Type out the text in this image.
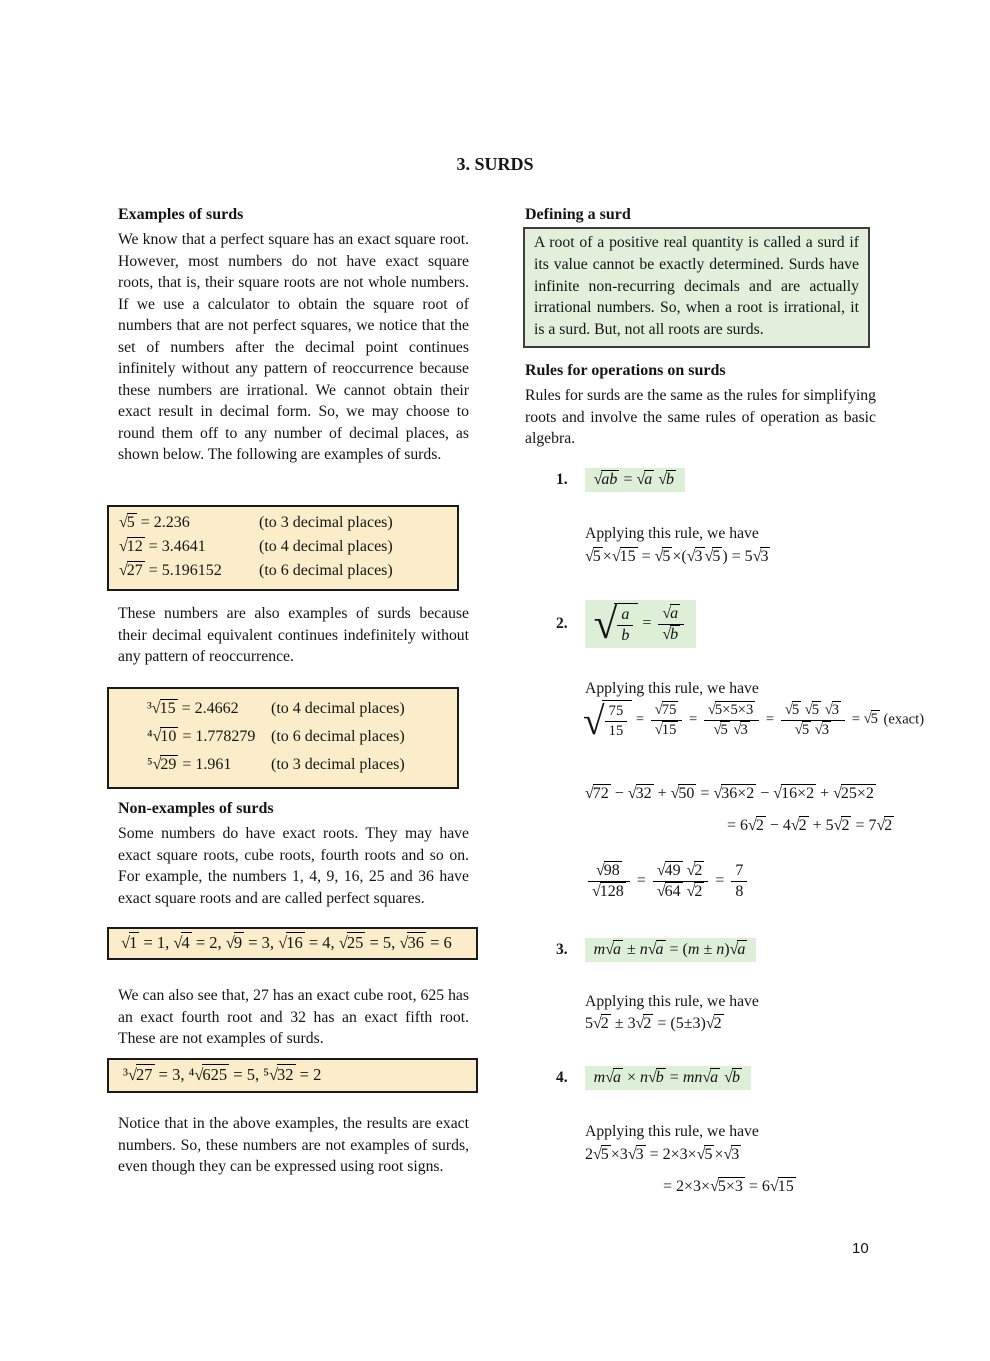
3. SURDS
Examples of surds
We know that a perfect square has an exact square root. However, most numbers do not have exact square roots, that is, their square roots are not whole numbers. If we use a calculator to obtain the square root of numbers that are not perfect squares, we notice that the set of numbers after the decimal point continues infinitely without any pattern of reoccurrence because these numbers are irrational. We cannot obtain their exact result in decimal form. So, we may choose to round them off to any number of decimal places, as shown below. The following are examples of surds.
√5 = 2.236	(to 3 decimal places)
√12 = 3.4641	(to 4 decimal places)
√27 = 5.196152	(to 6 decimal places)
These numbers are also examples of surds because their decimal equivalent continues indefinitely without any pattern of reoccurrence.
³√15 = 2.4662	(to 4 decimal places)
⁴√10 = 1.778279 (to 6 decimal places)
⁵√29 = 1.961	(to 3 decimal places)
Non-examples of surds
Some numbers do have exact roots. They may have exact square roots, cube roots, fourth roots and so on. For example, the numbers 1, 4, 9, 16, 25 and 36 have exact square roots and are called perfect squares.
√1 = 1, √4 = 2, √9 = 3, √16 = 4, √25 = 5, √36 = 6
We can also see that, 27 has an exact cube root, 625 has an exact fourth root and 32 has an exact fifth root. These are not examples of surds.
³√27 = 3, ⁴√625 = 5, ⁵√32 = 2
Notice that in the above examples, the results are exact numbers. So, these numbers are not examples of surds, even though they can be expressed using root signs.
Defining a surd
A root of a positive real quantity is called a surd if its value cannot be exactly determined. Surds have infinite non-recurring decimals and are actually irrational numbers. So, when a root is irrational, it is a surd. But, not all roots are surds.
Rules for operations on surds
Rules for surds are the same as the rules for simplifying roots and involve the same rules of operation as basic algebra.
1.	√ab = √a √b
Applying this rule, we have
√5 ×√15 = √5 ×(√3 √5 ) = 5√3
2. √ $\frac{a}{b} = \frac{√a}{√b}$
Applying this rule, we have
√ $\frac{75}{15} = \frac{√75}{√15} = \frac{√5\times 5\times 3}{√5 √3} = \frac{√5 √5 √3}{√5 √3} = √5$ (exact)
√72 − √32 + √50 = √36×2 − √16×2 + √25×2
= 6√2 − 4√2 + 5√2 = 7√2
$\frac{√98}{√128} = \frac{√49 √2}{√64 √2} = \frac{7}{8}$
3.	m√a ± n√a = (m ± n)√a
Applying this rule, we have
5√2 ± 3√2 = (5±3)√2
4.	m√a × n√b = mn√a √b
Applying this rule, we have
2√5 ×3√3 = 2×3×√5 ×√3
= 2×3×√5×3 = 6√15
10
